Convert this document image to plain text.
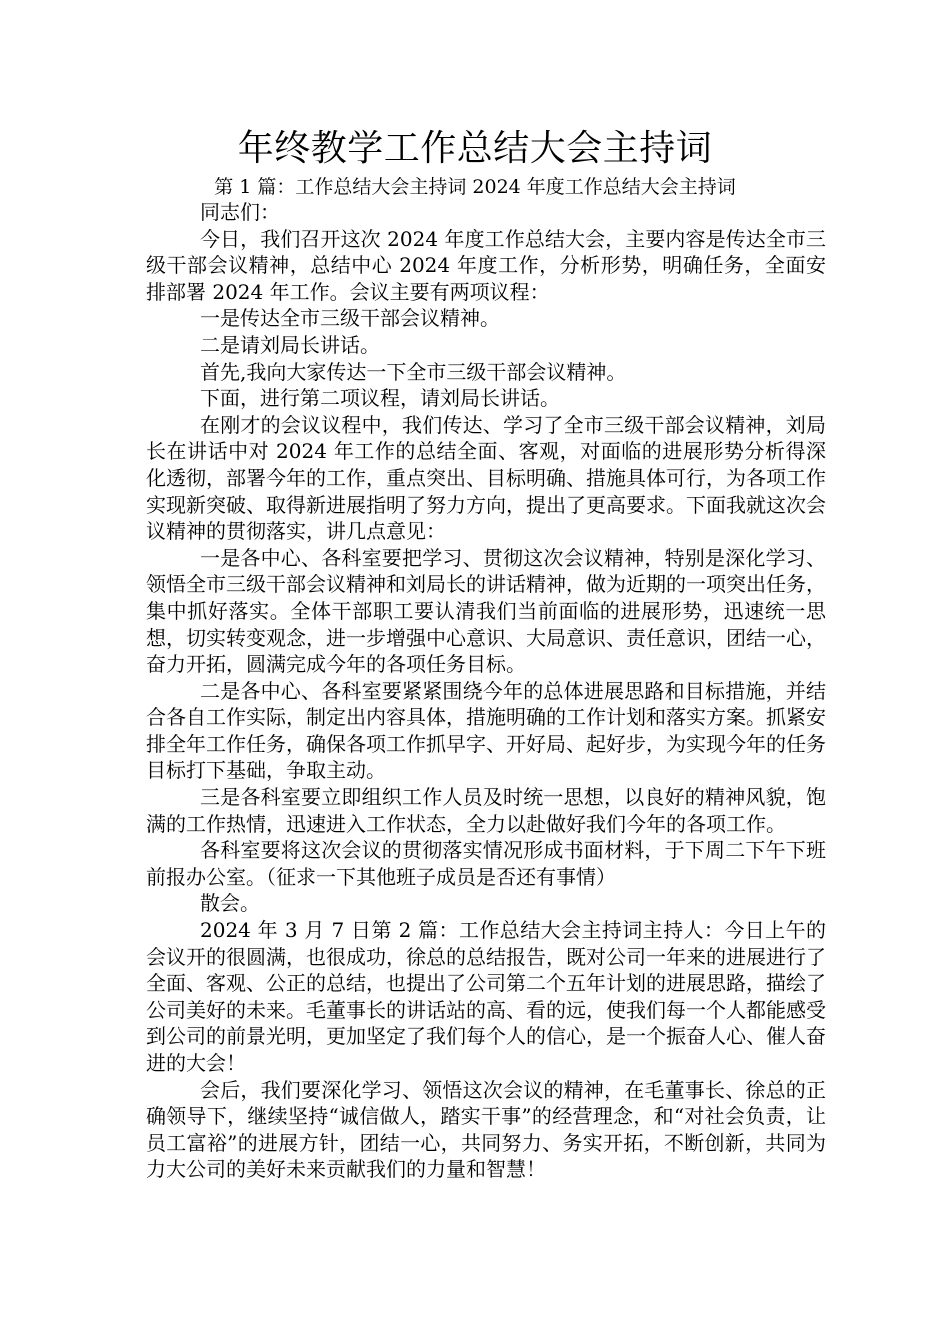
年终教学工作总结大会主持词
第 1 篇：工作总结大会主持词 2024 年度工作总结大会主持词

同志们：

今日，我们召开这次 2024 年度工作总结大会，主要内容是传达全市三级干部会议精神，总结中心 2024 年度工作，分析形势，明确任务，全面安排部署 2024 年工作。会议主要有两项议程：

一是传达全市三级干部会议精神。

二是请刘局长讲话。

首先,我向大家传达一下全市三级干部会议精神。

下面，进行第二项议程，请刘局长讲话。

在刚才的会议议程中，我们传达、学习了全市三级干部会议精神，刘局长在讲话中对 2024 年工作的总结全面、客观，对面临的进展形势分析得深化透彻，部署今年的工作，重点突出、目标明确、措施具体可行，为各项工作实现新突破、取得新进展指明了努力方向，提出了更高要求。下面我就这次会议精神的贯彻落实，讲几点意见：

一是各中心、各科室要把学习、贯彻这次会议精神，特别是深化学习、领悟全市三级干部会议精神和刘局长的讲话精神，做为近期的一项突出任务，集中抓好落实。全体干部职工要认清我们当前面临的进展形势，迅速统一思想，切实转变观念，进一步增强中心意识、大局意识、责任意识，团结一心，奋力开拓，圆满完成今年的各项任务目标。

二是各中心、各科室要紧紧围绕今年的总体进展思路和目标措施，并结合各自工作实际，制定出内容具体，措施明确的工作计划和落实方案。抓紧安排全年工作任务，确保各项工作抓早字、开好局、起好步，为实现今年的任务目标打下基础，争取主动。

三是各科室要立即组织工作人员及时统一思想，以良好的精神风貌，饱满的工作热情，迅速进入工作状态，全力以赴做好我们今年的各项工作。

各科室要将这次会议的贯彻落实情况形成书面材料，于下周二下午下班前报办公室。（征求一下其他班子成员是否还有事情）

散会。

2024 年 3 月 7 日第 2 篇：工作总结大会主持词主持人：今日上午的会议开的很圆满，也很成功，徐总的总结报告，既对公司一年来的进展进行了全面、客观、公正的总结，也提出了公司第二个五年计划的进展思路，描绘了公司美好的未来。毛董事长的讲话站的高、看的远，使我们每一个人都能感受到公司的前景光明，更加坚定了我们每个人的信心，是一个振奋人心、催人奋进的大会！

会后，我们要深化学习、领悟这次会议的精神，在毛董事长、徐总的正确领导下，继续坚持“诚信做人，踏实干事”的经营理念，和“对社会负责，让员工富裕”的进展方针，团结一心，共同努力、务实开拓，不断创新，共同为力大公司的美好未来贡献我们的力量和智慧！
